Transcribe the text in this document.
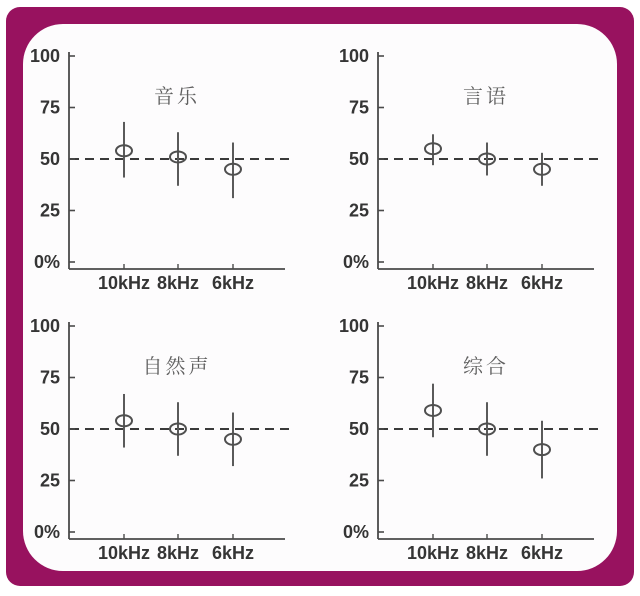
0%
25
50
75
100
10kHz 8kHz 6kHz
音乐
0%
25
50
75
100
10kHz 8kHz 6kHz
言语
0%
25
50
75
100
10kHz 8kHz 6kHz
自然声
0%
25
50
75
100
10kHz 8kHz 6kHz
综合
